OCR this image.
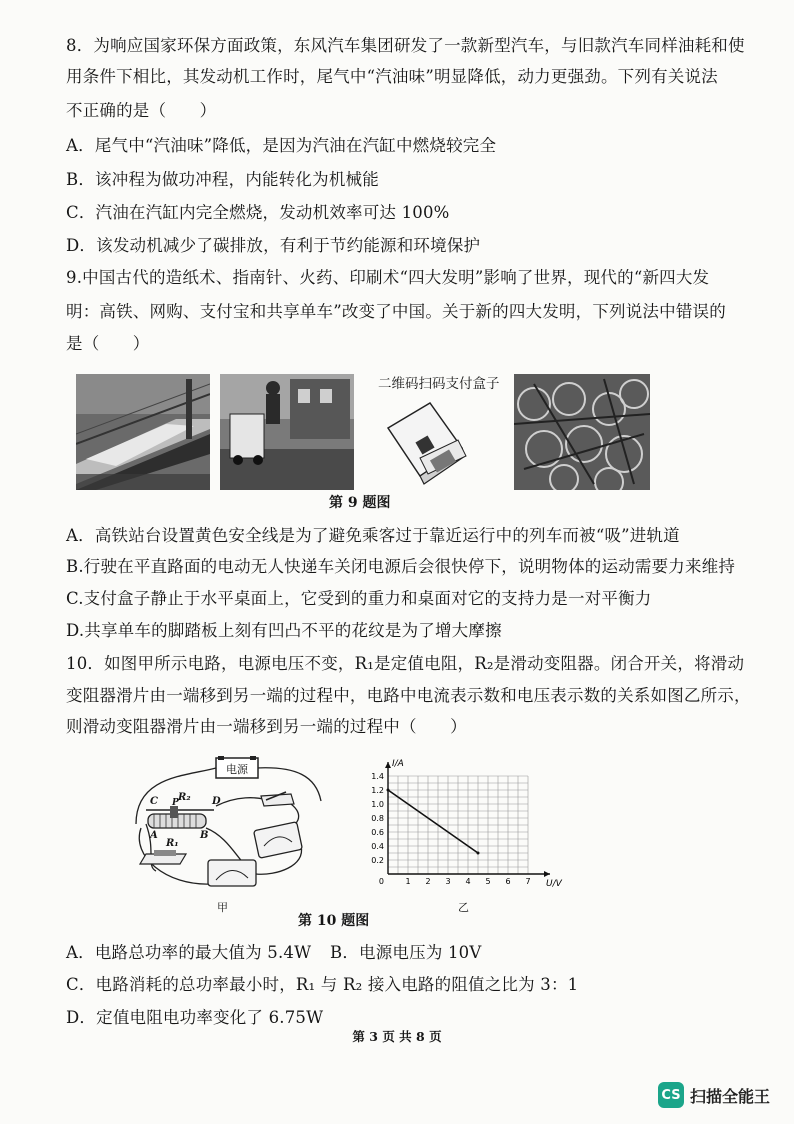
8．为响应国家环保方面政策，东风汽车集团研发了一款新型汽车，与旧款汽车同样油耗和使
用条件下相比，其发动机工作时，尾气中“汽油味”明显降低，动力更强劲。下列有关说法
不正确的是（　　）
A．尾气中“汽油味”降低，是因为汽油在汽缸中燃烧较完全
B．该冲程为做功冲程，内能转化为机械能
C．汽油在汽缸内完全燃烧，发动机效率可达 100%
D．该发动机减少了碳排放，有利于节约能源和环境保护
9.中国古代的造纸术、指南针、火药、印刷术“四大发明”影响了世界，现代的“新四大发
明：高铁、网购、支付宝和共享单车”改变了中国。关于新的四大发明，下列说法中错误的
是（　　）
二维码扫码支付盒子
第 9 题图
A．高铁站台设置黄色安全线是为了避免乘客过于靠近运行中的列车而被“吸”进轨道
B.行驶在平直路面的电动无人快递车关闭电源后会很快停下，说明物体的运动需要力来维持
C.支付盒子静止于水平桌面上，它受到的重力和桌面对它的支持力是一对平衡力
D.共享单车的脚踏板上刻有凹凸不平的花纹是为了增大摩擦
10．如图甲所示电路，电源电压不变，R₁是定值电阻，R₂是滑动变阻器。闭合开关，将滑动
变阻器滑片由一端移到另一端的过程中，电路中电流表示数和电压表示数的关系如图乙所示，
则滑动变阻器滑片由一端移到另一端的过程中（　　）
电源
C R₂ D
A	B
R₁
P
甲
1.4
1.2
1.0
0.8
0.6
0.4
0.2
1 2 3 4 5 6 7
0
I/A
U/V
乙
第 10 题图
A．电路总功率的最大值为 5.4W B．电源电压为 10V
C．电路消耗的总功率最小时，R₁ 与 R₂ 接入电路的阻值之比为 3：1
D．定值电阻电功率变化了 6.75W
第 3 页 共 8 页
CS 扫描全能王
